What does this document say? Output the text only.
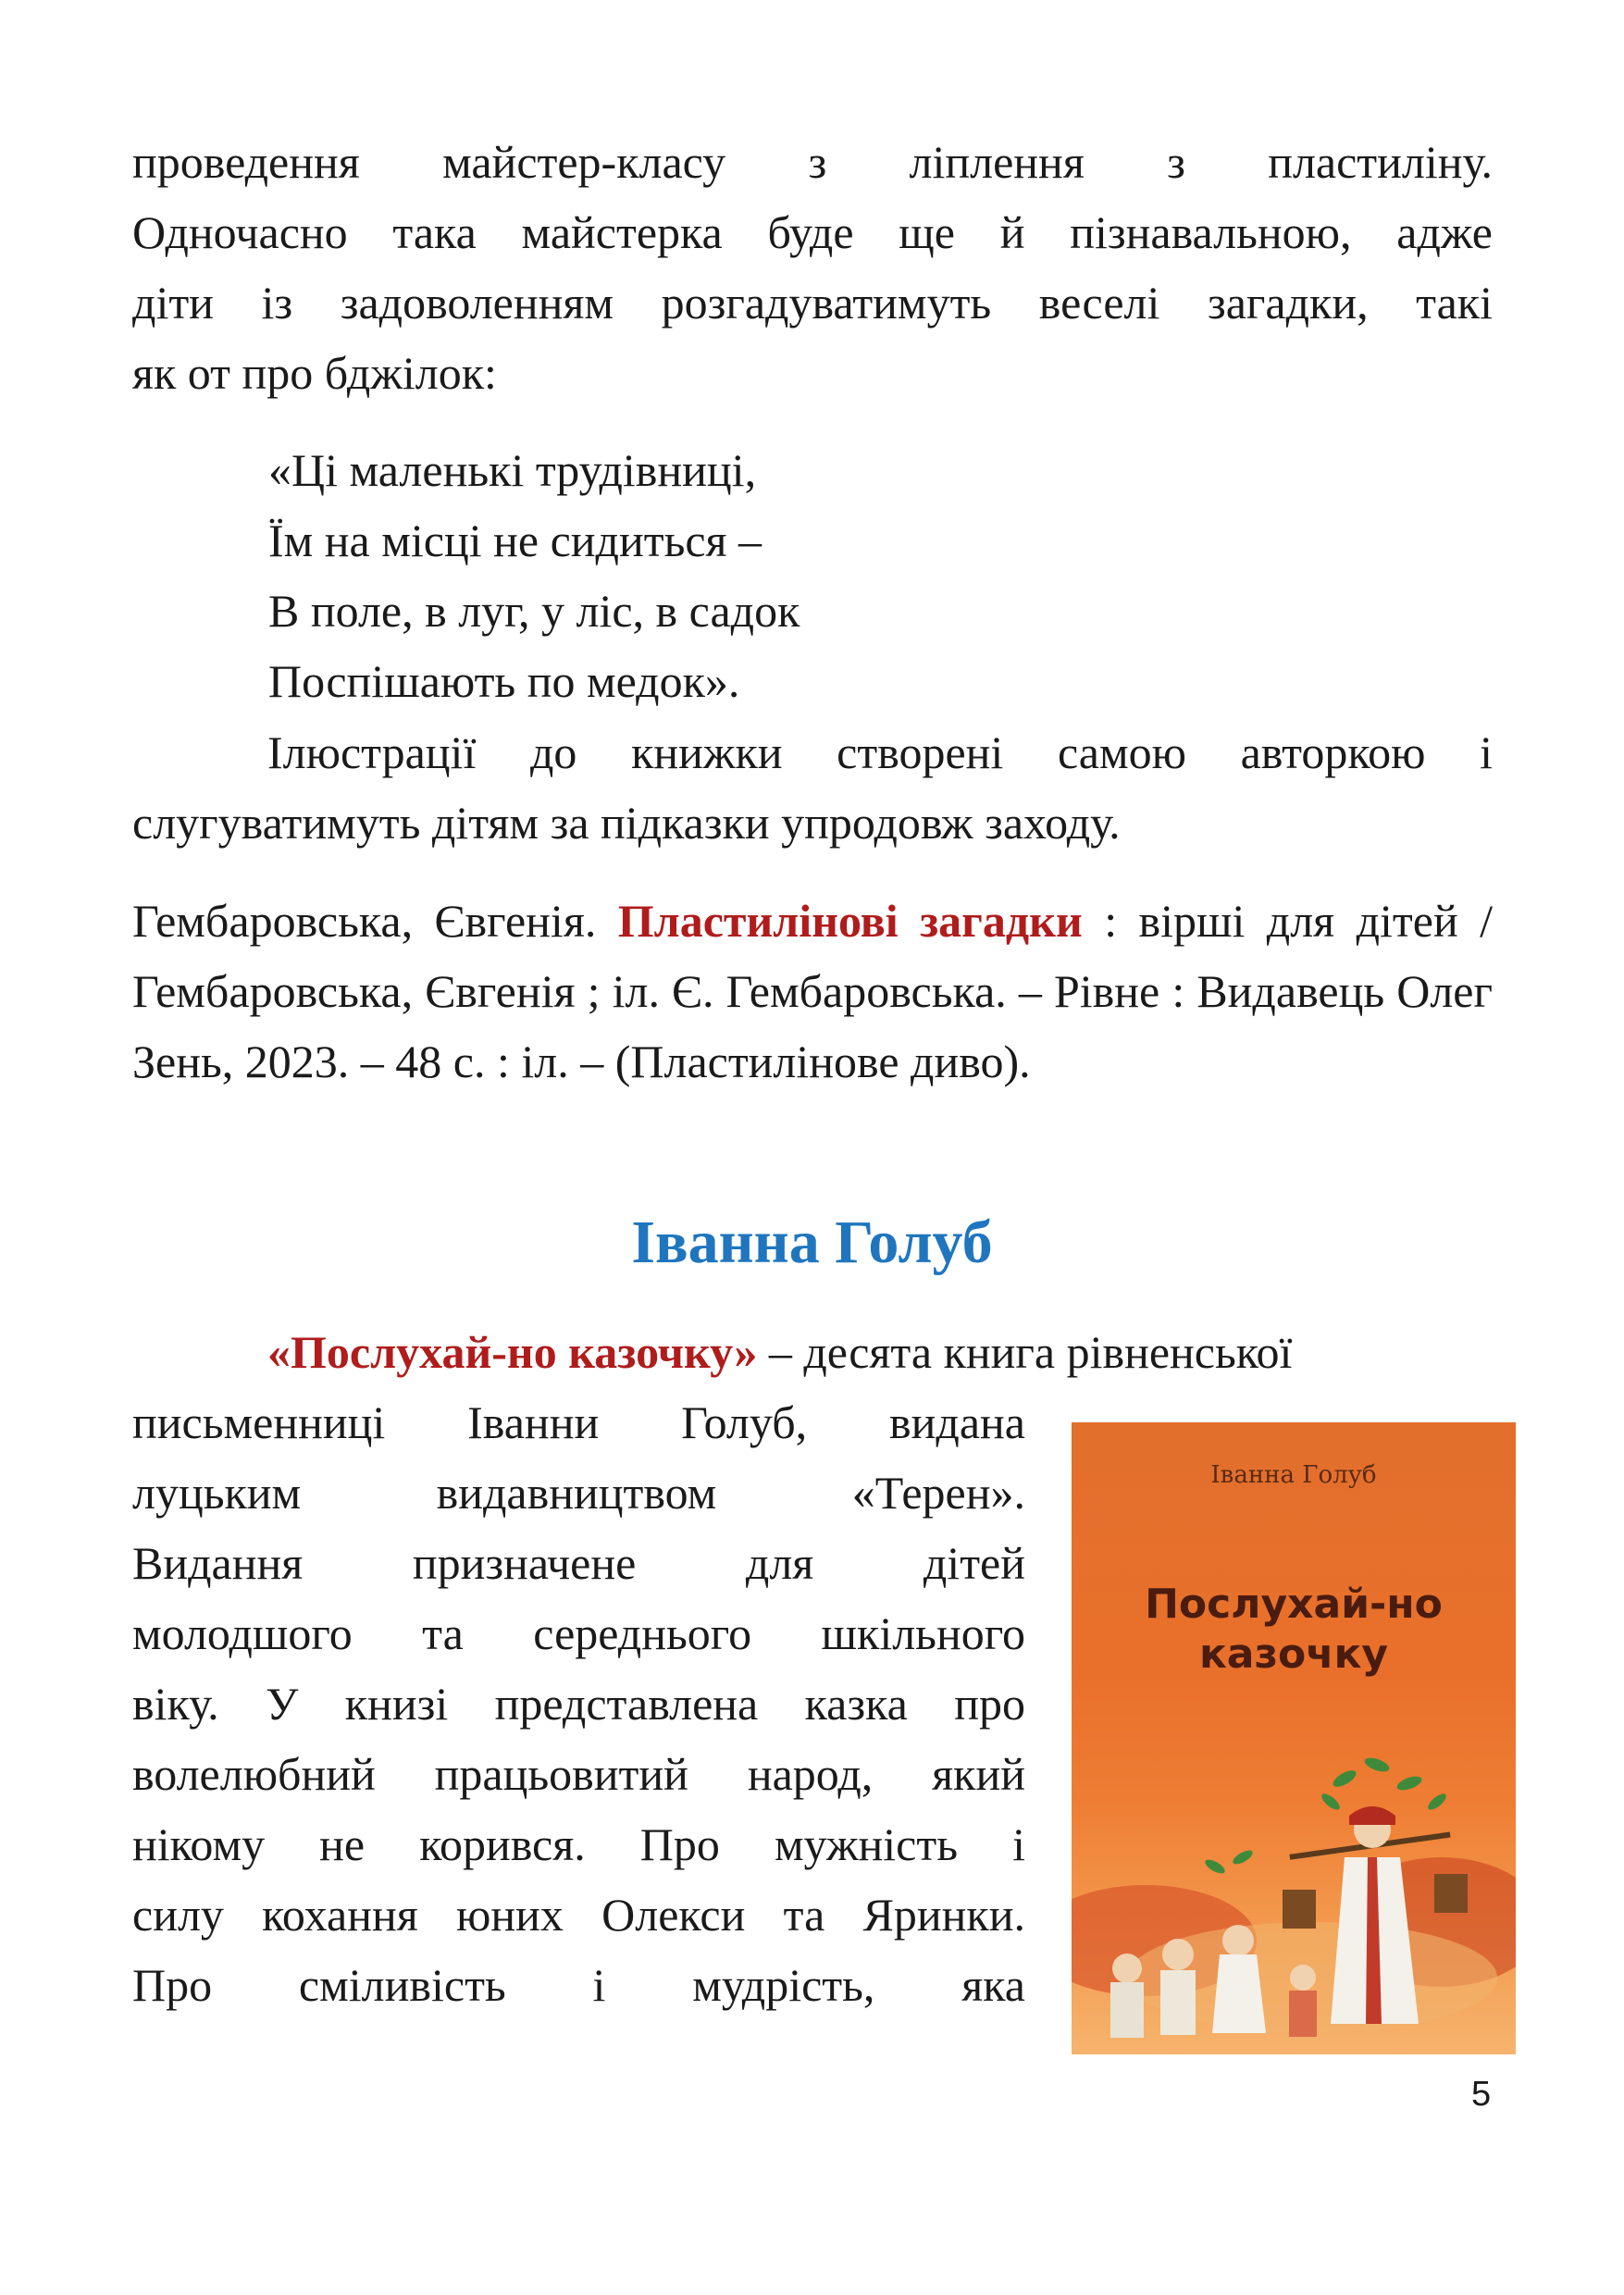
проведення майстер-класу з ліплення з пластиліну.
Одночасно така майстерка буде ще й пізнавальною, адже
діти із задоволенням розгадуватимуть веселі загадки, такі
як от про бджілок:
«Ці маленькі трудівниці,
Їм на місці не сидиться –
В поле, в луг, у ліс, в садок
Поспішають по медок».

Ілюстрації до книжки створені самою авторкою і слугуватимуть дітям за підказки упродовж заходу.

Гембаровська, Євгенія. Пластилінові загадки : вірші для дітей / Гембаровська, Євгенія ; іл. Є. Гембаровська. – Рівне : Видавець Олег Зень, 2023. – 48 с. : іл. – (Пластилінове диво).

Іванна Голуб

«Послухай-но казочку» – десята книга рівненської

письменниці Іванни Голуб, видана
луцьким видавництвом «Терен».
Видання призначене для дітей
молодшого та середнього шкільного
віку. У книзі представлена казка про
волелюбний працьовитий народ, який
нікому не корився. Про мужність і
силу кохання юних Олекси та Яринки.
Про сміливість і мудрість, яка
Іванна Голуб
Послухай-но
казочку
5
